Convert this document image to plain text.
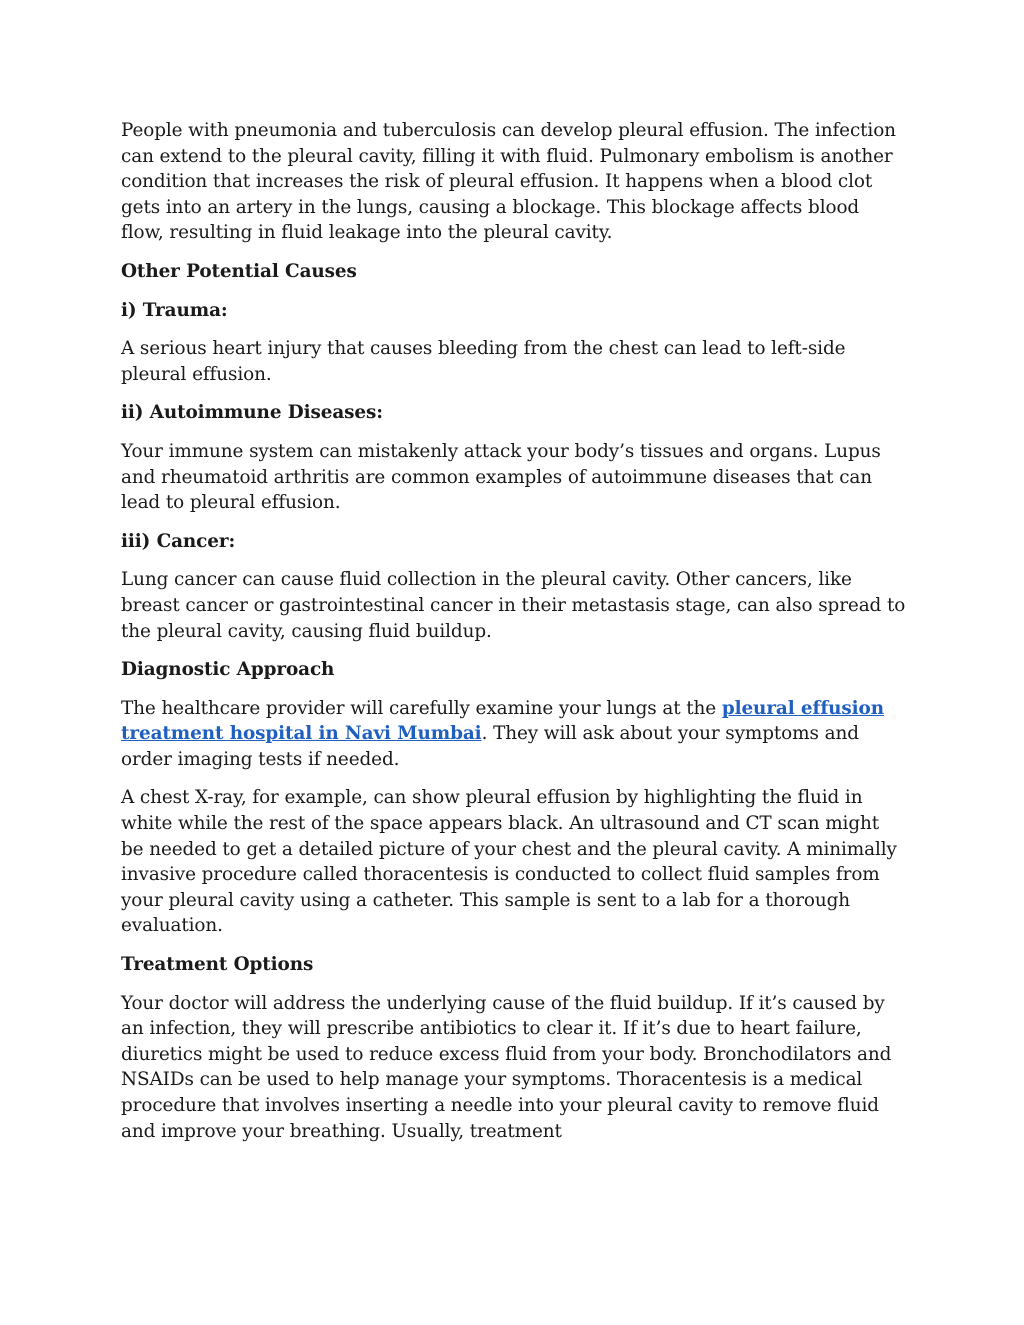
People with pneumonia and tuberculosis can develop pleural effusion. The infection can extend to the pleural cavity, filling it with fluid. Pulmonary embolism is another condition that increases the risk of pleural effusion. It happens when a blood clot gets into an artery in the lungs, causing a blockage. This blockage affects blood flow, resulting in fluid leakage into the pleural cavity.

Other Potential Causes
i) Trauma:

A serious heart injury that causes bleeding from the chest can lead to left-side pleural effusion.

ii) Autoimmune Diseases:

Your immune system can mistakenly attack your body’s tissues and organs. Lupus and rheumatoid arthritis are common examples of autoimmune diseases that can lead to pleural effusion.

iii) Cancer:

Lung cancer can cause fluid collection in the pleural cavity. Other cancers, like breast cancer or gastrointestinal cancer in their metastasis stage, can also spread to the pleural cavity, causing fluid buildup.

Diagnostic Approach

The healthcare provider will carefully examine your lungs at the pleural effusion treatment hospital in Navi Mumbai. They will ask about your symptoms and order imaging tests if needed.

A chest X-ray, for example, can show pleural effusion by highlighting the fluid in white while the rest of the space appears black. An ultrasound and CT scan might be needed to get a detailed picture of your chest and the pleural cavity. A minimally invasive procedure called thoracentesis is conducted to collect fluid samples from your pleural cavity using a catheter. This sample is sent to a lab for a thorough evaluation.

Treatment Options

Your doctor will address the underlying cause of the fluid buildup. If it’s caused by an infection, they will prescribe antibiotics to clear it. If it’s due to heart failure, diuretics might be used to reduce excess fluid from your body. Bronchodilators and NSAIDs can be used to help manage your symptoms. Thoracentesis is a medical procedure that involves inserting a needle into your pleural cavity to remove fluid and improve your breathing. Usually, treatment
